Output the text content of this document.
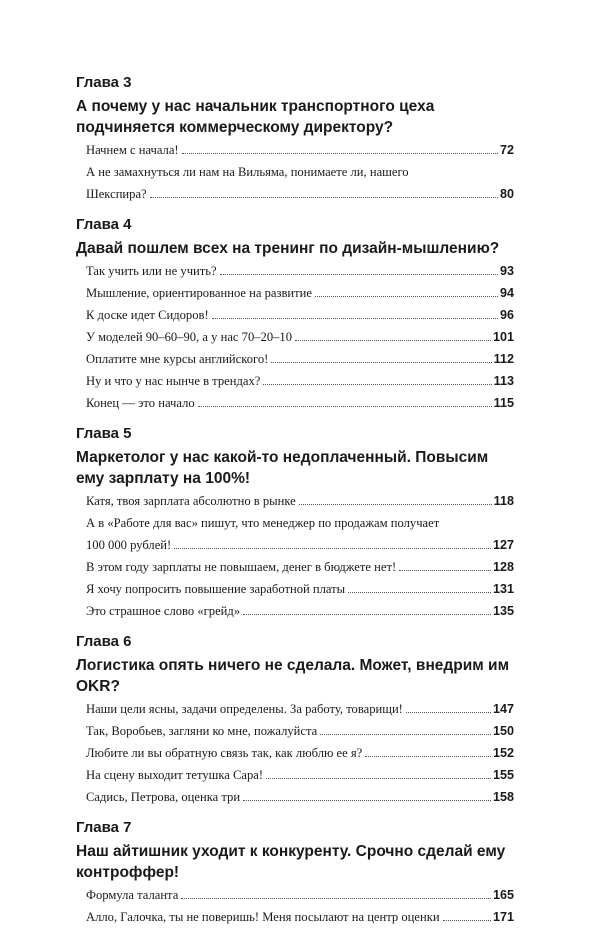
Глава 3
А почему у нас начальник транспортного цеха подчиняется коммерческому директору?
Начнем с начала!	72
А не замахнуться ли нам на Вильяма, понимаете ли, нашего
Шекспира?	80
Глава 4
Давай пошлем всех на тренинг по дизайн-мышлению?
Так учить или не учить?	93
Мышление, ориентированное на развитие	94
К доске идет Сидоров!	96
У моделей 90–60–90, а у нас 70–20–10	101
Оплатите мне курсы английского!	112
Ну и что у нас нынче в трендах?	113
Конец — это начало	115
Глава 5
Маркетолог у нас какой-то недоплаченный. Повысим ему зарплату на 100%!
Катя, твоя зарплата абсолютно в рынке	118
А в «Работе для вас» пишут, что менеджер по продажам получает
100 000 рублей!	127
В этом году зарплаты не повышаем, денег в бюджете нет!	128
Я хочу попросить повышение заработной платы	131
Это страшное слово «грейд»	135
Глава 6
Логистика опять ничего не сделала. Может, внедрим им OKR?
Наши цели ясны, задачи определены. За работу, товарищи!	147
Так, Воробьев, загляни ко мне, пожалуйста	150
Любите ли вы обратную связь так, как люблю ее я?	152
На сцену выходит тетушка Сара!	155
Садись, Петрова, оценка три	158
Глава 7
Наш айтишник уходит к конкуренту. Срочно сделай ему контроффер!
Формула таланта	165
Алло, Галочка, ты не поверишь! Меня посылают на центр оценки	171
